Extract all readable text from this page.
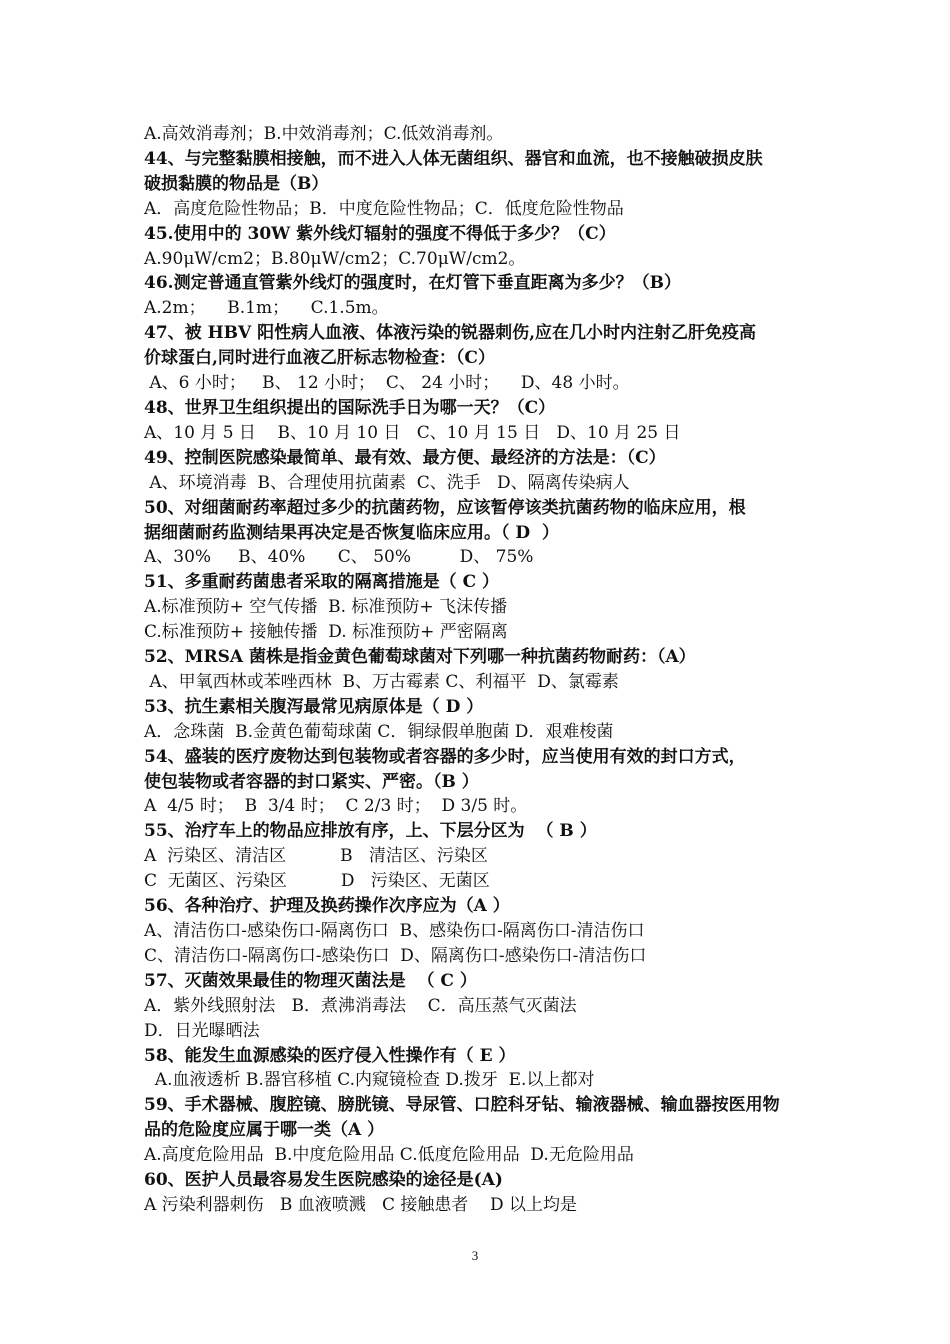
A.高效消毒剂；B.中效消毒剂；C.低效消毒剂。
44、与完整黏膜相接触，而不进入人体无菌组织、器官和血流，也不接触破损皮肤
破损黏膜的物品是（B）
A．高度危险性物品；B．中度危险性物品；C．低度危险性物品
45.使用中的 30W 紫外线灯辐射的强度不得低于多少？（C）
A.90μW/cm2；B.80μW/cm2；C.70μW/cm2。
46.测定普通直管紫外线灯的强度时，在灯管下垂直距离为多少？（B）
A.2m；    B.1m；    C.1.5m。
47、被 HBV 阳性病人血液、体液污染的锐器刺伤,应在几小时内注射乙肝免疫高
价球蛋白,同时进行血液乙肝标志物检查：（C）
A、6 小时；   B、 12 小时；  C、 24 小时；    D、48 小时。
48、世界卫生组织提出的国际洗手日为哪一天？（C）
A、10 月 5 日    B、10 月 10 日   C、10 月 15 日   D、10 月 25 日
49、控制医院感染最简单、最有效、最方便、最经济的方法是：（C）
A、环境消毒  B、合理使用抗菌素  C、洗手   D、隔离传染病人
50、对细菌耐药率超过多少的抗菌药物，应该暂停该类抗菌药物的临床应用，根
据细菌耐药监测结果再决定是否恢复临床应用。（ D  ）
A、30%     B、40%      C、 50%         D、 75%
51、多重耐药菌患者采取的隔离措施是（ C ）
A.标准预防+ 空气传播  B. 标准预防+ 飞沫传播
C.标准预防+ 接触传播  D. 标准预防+ 严密隔离
52、MRSA 菌株是指金黄色葡萄球菌对下列哪一种抗菌药物耐药：（A）
A、甲氧西林或苯唑西林  B、万古霉素 C、利福平  D、氯霉素
53、抗生素相关腹泻最常见病原体是（ D ）
A．念珠菌  B.金黄色葡萄球菌 C．铜绿假单胞菌 D．艰难梭菌
54、盛装的医疗废物达到包装物或者容器的多少时，应当使用有效的封口方式，
使包装物或者容器的封口紧实、严密。（B ）
A  4/5 时；  B  3/4 时；  C 2/3 时；  D 3/5 时。
55、治疗车上的物品应排放有序，上、下层分区为  （ B ）
A  污染区、清洁区          B   清洁区、污染区
C  无菌区、污染区          D   污染区、无菌区
56、各种治疗、护理及换药操作次序应为（A ）
A、清洁伤口-感染伤口-隔离伤口  B、感染伤口-隔离伤口-清洁伤口
C、清洁伤口-隔离伤口-感染伤口  D、隔离伤口-感染伤口-清洁伤口
57、灭菌效果最佳的物理灭菌法是  （ C ）
A．紫外线照射法   B．煮沸消毒法    C．高压蒸气灭菌法
D．日光曝晒法
58、能发生血源感染的医疗侵入性操作有（ E ）
A.血液透析 B.器官移植 C.内窥镜检查 D.拨牙  E.以上都对
59、手术器械、腹腔镜、膀胱镜、导尿管、口腔科牙钻、输液器械、输血器按医用物
品的危险度应属于哪一类（A ）
A.高度危险用品  B.中度危险用品 C.低度危险用品  D.无危险用品
60、医护人员最容易发生医院感染的途径是(A)
A 污染利器刺伤   B 血液喷溅   C 接触患者    D 以上均是
3
